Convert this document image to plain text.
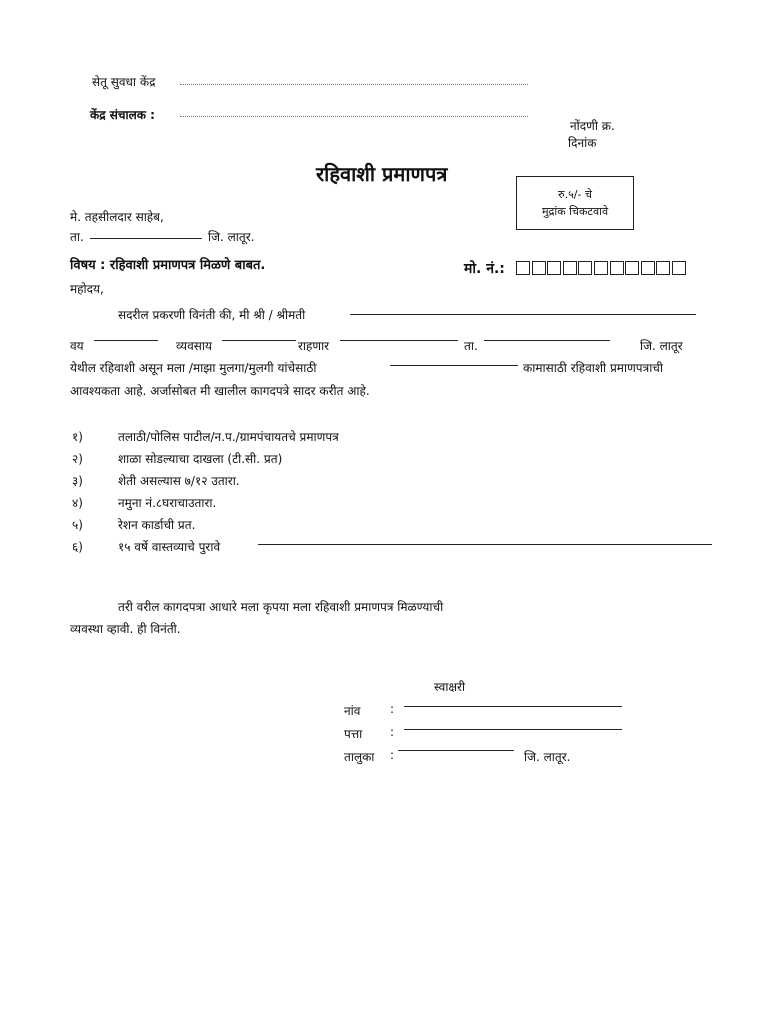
सेतू सुवधा केंद्र
केंद्र संचालक :
नोंदणी क्र.
दिनांक
रहिवाशी प्रमाणपत्र
रु.५/- चे
मुद्रांक चिकटवावे
मे. तहसीलदार साहेब,
ता.	जि. लातूर.
विषय : रहिवाशी प्रमाणपत्र मिळणे बाबत.	मो. नं.:
महोदय,
सदरील प्रकरणी विनंती की, मी श्री / श्रीमती
वय	व्यवसाय	राहणार	ता.	जि. लातूर
येथील रहिवाशी असून मला /माझा मुलगा/मुलगी यांचेसाठी	कामासाठी रहिवाशी प्रमाणपत्राची
आवश्यकता आहे. अर्जासोबत मी खालील कागदपत्रे सादर करीत आहे.
१)	तलाठी/पोलिस पाटील/न.प./ग्रामपंचायतचे प्रमाणपत्र
२)	शाळा सोडल्याचा दाखला (टी.सी. प्रत)
३)	शेती असल्यास ७/१२ उतारा.
४)	नमुना नं.८घराचाउतारा.
५)	रेशन कार्डाची प्रत.
६)	१५ वर्षे वास्तव्याचे पुरावे
तरी वरील कागदपत्रा आधारे मला कृपया मला रहिवाशी प्रमाणपत्र मिळण्याची
व्यवस्था व्हावी. ही विनंती.
स्वाक्षरी
नांव :
पत्ता :
तालुका :	जि. लातूर.
